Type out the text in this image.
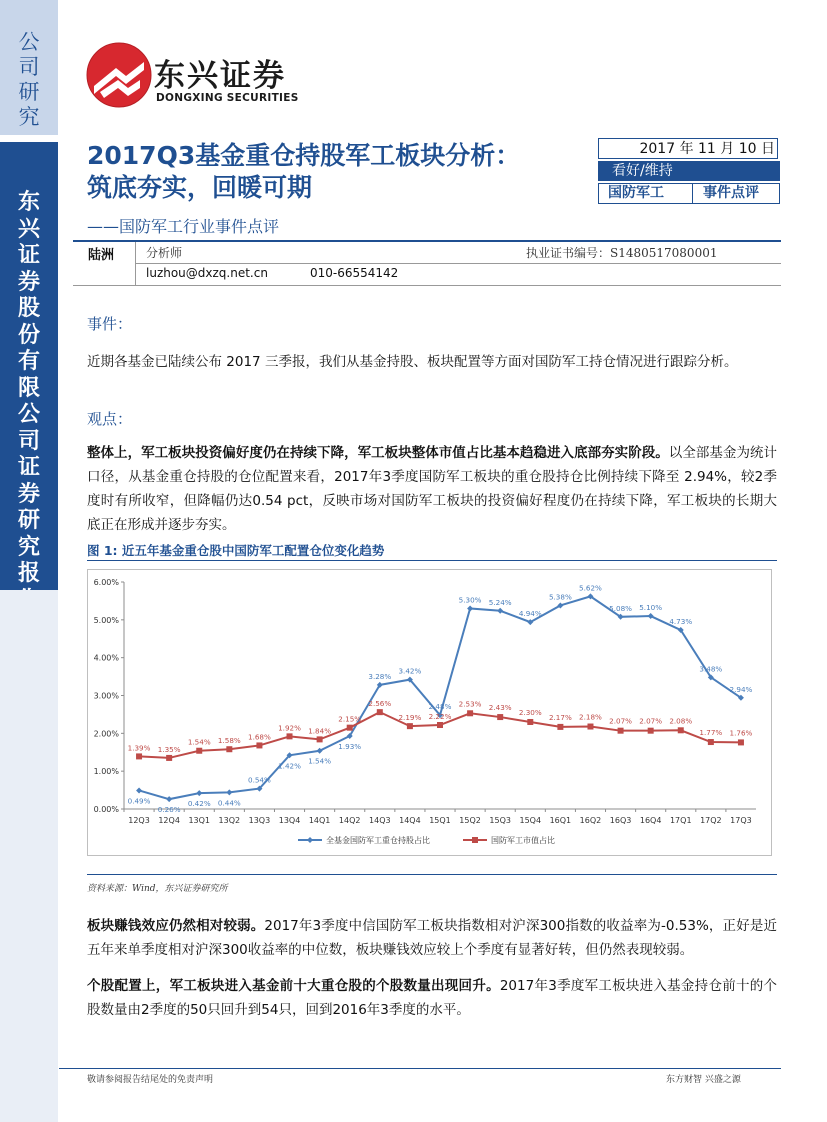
公司研究
东兴证券股份有限公司证券研究报
东兴证券
DONGXING SECURITIES
2017Q3基金重仓持股军工板块分析：筑底夯实，回暖可期
——国防军工行业事件点评
2017 年 11 月 10 日
看好/维持
国防军工	事件点评
陆洲	分析师	执业证书编号：S1480517080001
luzhou@dxzq.net.cn	010-66554142
事件：
近期各基金已陆续公布 2017 三季报，我们从基金持股、板块配置等方面对国防军工持仓情况进行跟踪分析。
观点：
整体上，军工板块投资偏好度仍在持续下降，军工板块整体市值占比基本趋稳进入底部夯实阶段。以全部基金为统计口径，从基金重仓持股的仓位配置来看，2017年3季度国防军工板块的重仓股持仓比例持续下降至 2.94%，较2季度时有所收窄，但降幅仍达0.54 pct，反映市场对国防军工板块的投资偏好程度仍在持续下降，军工板块的长期大底正在形成并逐步夯实。
图 1: 近五年基金重仓股中国防军工配置仓位变化趋势
0.00%
1.00%
2.00%
3.00%
4.00%
5.00%
6.00%
12Q3 12Q4 13Q1 13Q2 13Q3 13Q4 14Q1 14Q2 14Q3 14Q4 15Q1 15Q2 15Q3 15Q4 16Q1 16Q2 16Q3 16Q4 17Q1 17Q2 17Q3
0.49%
0.26%
0.42% 0.44%
0.54%
1.42%
1.54%
1.93%
3.28%
3.42%
2.48%
5.30% 5.24%
4.94%
5.38%
5.62%
5.08% 5.10%
4.73%
3.48%
2.94%
1.39% 1.35%
1.54% 1.58% 1.68%
1.92% 1.84%
2.15%
2.56%
2.19% 2.22%
2.53% 2.43%
2.30%
2.17% 2.18% 2.07% 2.07% 2.08%
1.77% 1.76%
全基金国防军工重仓持股占比	国防军工市值占比
资料来源：Wind，东兴证券研究所
板块赚钱效应仍然相对较弱。2017年3季度中信国防军工板块指数相对沪深300指数的收益率为-0.53%，正好是近五年来单季度相对沪深300收益率的中位数，板块赚钱效应较上个季度有显著好转，但仍然表现较弱。
个股配置上，军工板块进入基金前十大重仓股的个股数量出现回升。2017年3季度军工板块进入基金持仓前十的个股数量由2季度的50只回升到54只，回到2016年3季度的水平。
敬请参阅报告结尾处的免责声明	东方财智 兴盛之源
